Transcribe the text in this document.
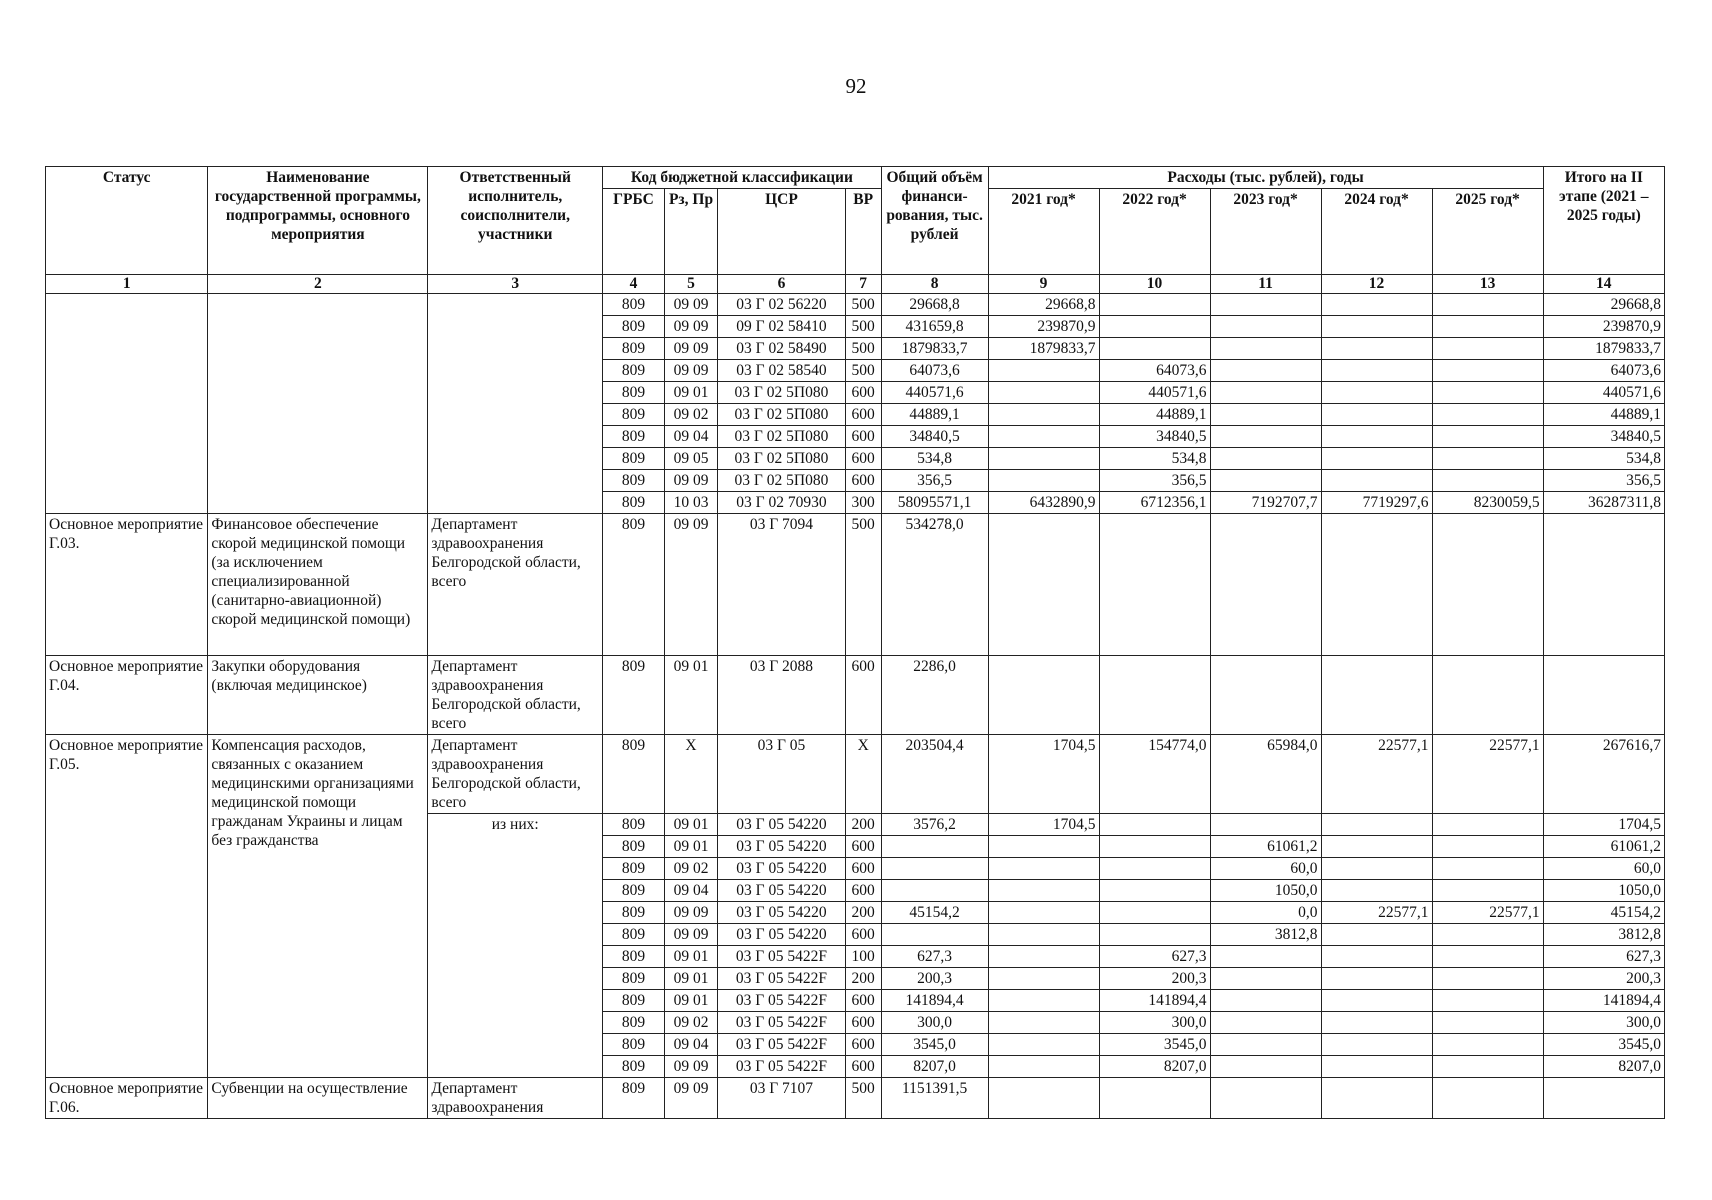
92
Статус	Наименование государственной программы, подпрограммы, основного мероприятия	Ответственный исполнитель, соисполнители, участники	Код бюджетной классификации				Общий объём финанси-рования, тыс. рублей	Расходы (тыс. рублей), годы					Итого на II этапе (2021 – 2025 годы)
			ГРБС	Рз, Пр	ЦСР	ВР		2021 год*	2022 год*	2023 год*	2024 год*	2025 год*	
1	2	3	4	5	6	7	8	9	10	11	12	13	14
			809	09 09	03 Г 02 56220	500	29668,8	29668,8					29668,8
			809	09 09	09 Г 02 58410	500	431659,8	239870,9					239870,9
			809	09 09	03 Г 02 58490	500	1879833,7	1879833,7					1879833,7
			809	09 09	03 Г 02 58540	500	64073,6		64073,6				64073,6
			809	09 01	03 Г 02 5П080	600	440571,6		440571,6				440571,6
			809	09 02	03 Г 02 5П080	600	44889,1		44889,1				44889,1
			809	09 04	03 Г 02 5П080	600	34840,5		34840,5				34840,5
			809	09 05	03 Г 02 5П080	600	534,8		534,8				534,8
			809	09 09	03 Г 02 5П080	600	356,5		356,5				356,5
			809	10 03	03 Г 02 70930	300	58095571,1	6432890,9	6712356,1	7192707,7	7719297,6	8230059,5	36287311,8
Основное мероприятие Г.03.	Финансовое обеспечение скорой медицинской помощи (за исключением специализированной (санитарно-авиационной) скорой медицинской помощи)	Департамент здравоохранения Белгородской области, всего	809	09 09	03 Г 7094	500	534278,0						
Основное мероприятие Г.04.	Закупки оборудования (включая медицинское)	Департамент здравоохранения Белгородской области, всего	809	09 01	03 Г 2088	600	2286,0						
Основное мероприятие Г.05.	Компенсация расходов, связанных с оказанием медицинскими организациями медицинской помощи гражданам Украины и лицам без гражданства	Департамент здравоохранения Белгородской области, всего	809	X	03 Г 05	X	203504,4	1704,5	154774,0	65984,0	22577,1	22577,1	267616,7
		из них:	809	09 01	03 Г 05 54220	200	3576,2	1704,5					1704,5
			809	09 01	03 Г 05 54220	600				61061,2			61061,2
			809	09 02	03 Г 05 54220	600				60,0			60,0
			809	09 04	03 Г 05 54220	600				1050,0			1050,0
			809	09 09	03 Г 05 54220	200	45154,2			0,0	22577,1	22577,1	45154,2
			809	09 09	03 Г 05 54220	600				3812,8			3812,8
			809	09 01	03 Г 05 5422F	100	627,3		627,3				627,3
			809	09 01	03 Г 05 5422F	200	200,3		200,3				200,3
			809	09 01	03 Г 05 5422F	600	141894,4		141894,4				141894,4
			809	09 02	03 Г 05 5422F	600	300,0		300,0				300,0
			809	09 04	03 Г 05 5422F	600	3545,0		3545,0				3545,0
			809	09 09	03 Г 05 5422F	600	8207,0		8207,0				8207,0
Основное мероприятие Г.06.	Субвенции на осуществление	Департамент здравоохранения	809	09 09	03 Г 7107	500	1151391,5						
